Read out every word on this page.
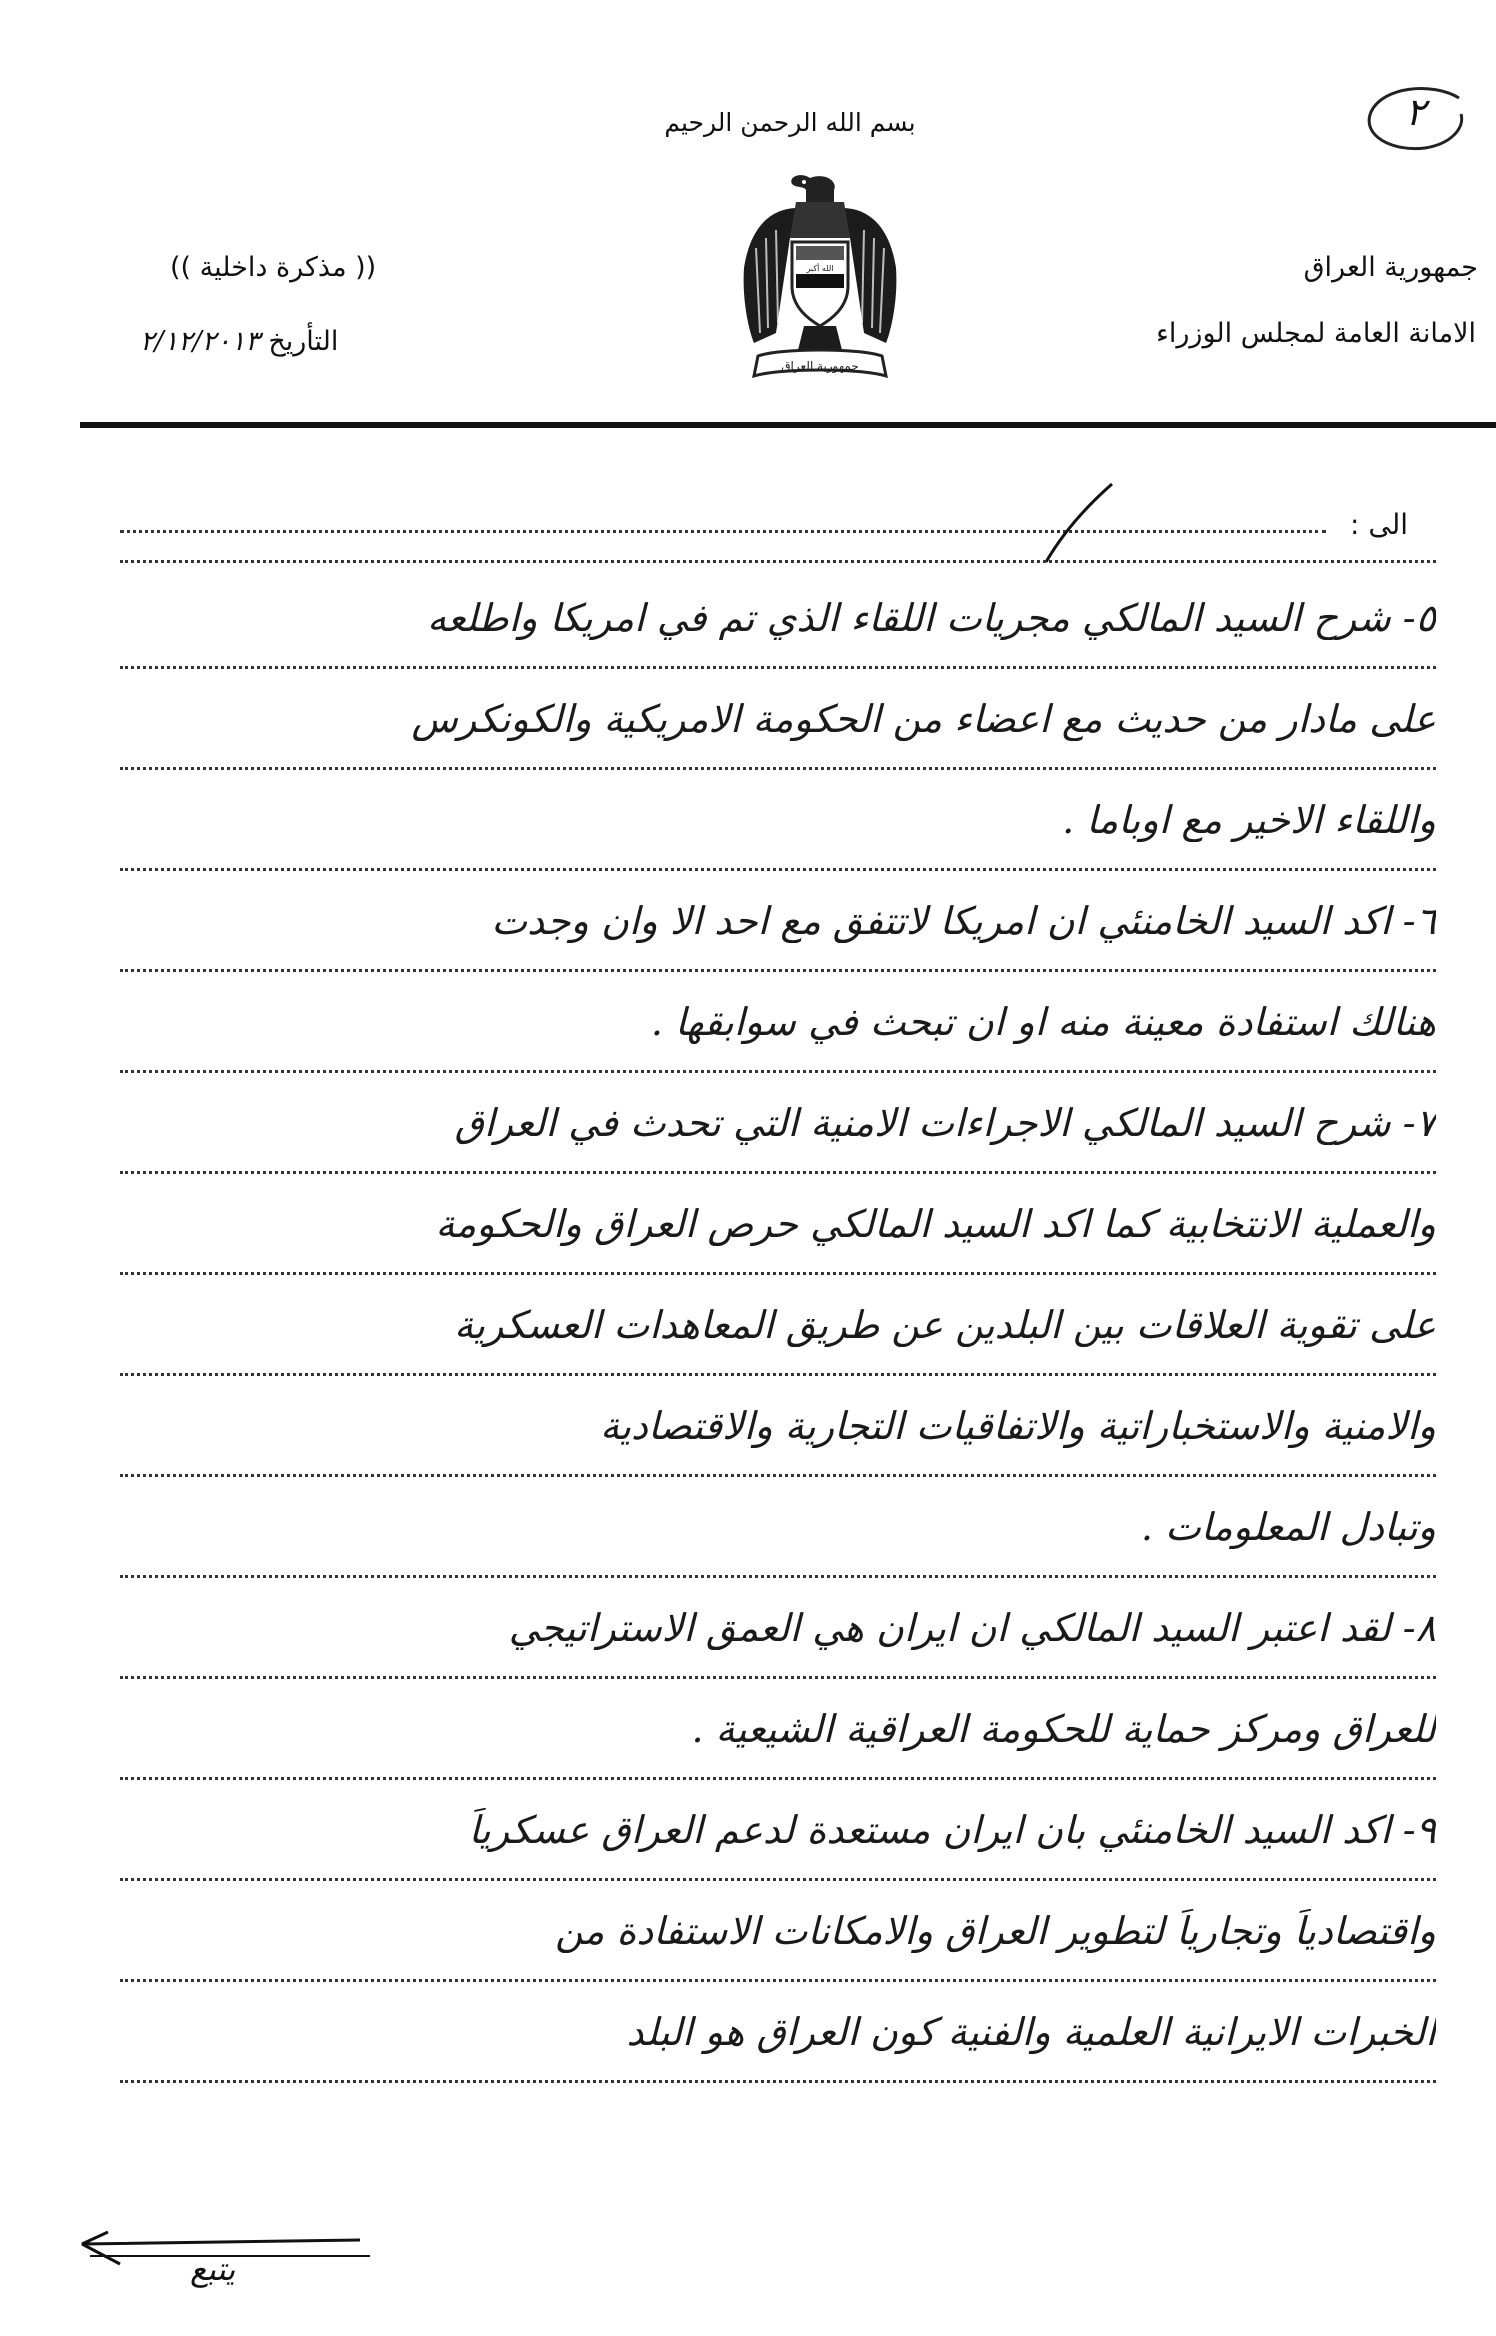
بسم الله الرحمن الرحيم	٢
الله أكبر
جمهورية العراق
جمهورية العراق
الامانة العامة لمجلس الوزراء
(( مذكرة داخلية ))
التأريخ ٢/١٢/٢٠١٣
الى :
٥- شرح السيد المالكي مجريات اللقاء الذي تم في امريكا واطلعه
على مادار من حديث مع اعضاء من الحكومة الامريكية والكونكرس
واللقاء الاخير مع اوباما .
٦- اكد السيد الخامنئي ان امريكا لاتتفق مع احد الا وان وجدت
هنالك استفادة معينة منه او ان تبحث في سوابقها .
٧- شرح السيد المالكي الاجراءات الامنية التي تحدث في العراق
والعملية الانتخابية كما اكد السيد المالكي حرص العراق والحكومة
على تقوية العلاقات بين البلدين عن طريق المعاهدات العسكرية
والامنية والاستخباراتية والاتفاقيات التجارية والاقتصادية
وتبادل المعلومات .
٨- لقد اعتبر السيد المالكي ان ايران هي العمق الاستراتيجي
للعراق ومركز حماية للحكومة العراقية الشيعية .
٩- اكد السيد الخامنئي بان ايران مستعدة لدعم العراق عسكرياً
واقتصادياً وتجارياً لتطوير العراق والامكانات الاستفادة من
الخبرات الايرانية العلمية والفنية كون العراق هو البلد
يتبع
